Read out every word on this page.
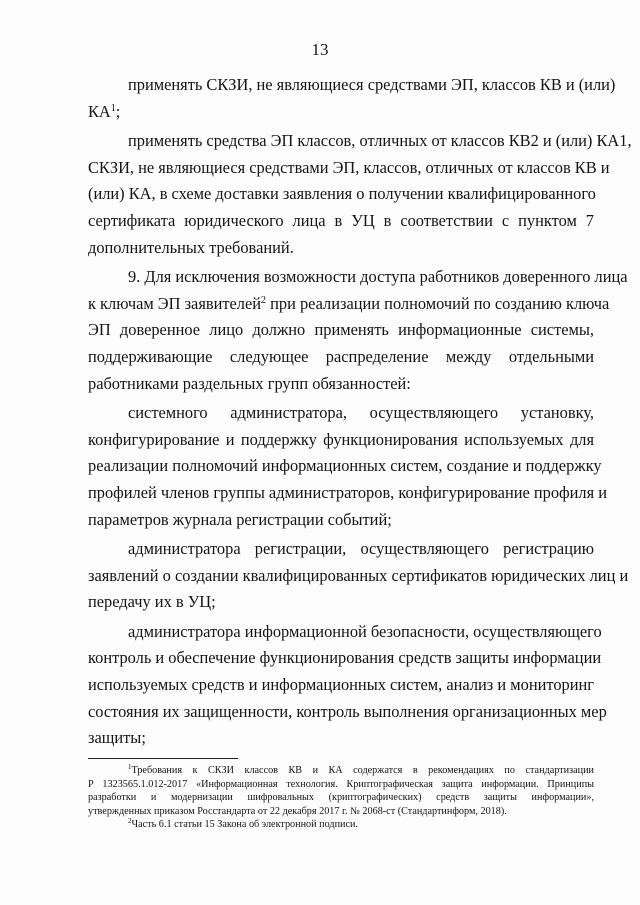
13
применять СКЗИ, не являющиеся средствами ЭП, классов КВ и (или)
$КА^1$;
применять средства ЭП классов, отличных от классов КВ2 и (или) КА1,
СКЗИ, не являющиеся средствами ЭП, классов, отличных от классов КВ и
(или) КА, в схеме доставки заявления о получении квалифицированного
сертификата юридического лица в УЦ в соответствии с пунктом 7
дополнительных требований.
9. Для исключения возможности доступа работников доверенного лица
к ключам ЭП заявителей$^2$ при реализации полномочий по созданию ключа
ЭП доверенное лицо должно применять информационные системы,
поддерживающие следующее распределение между отдельными
работниками раздельных групп обязанностей:
системного администратора, осуществляющего установку,
конфигурирование и поддержку функционирования используемых для
реализации полномочий информационных систем, создание и поддержку
профилей членов группы администраторов, конфигурирование профиля и
параметров журнала регистрации событий;
администратора регистрации, осуществляющего регистрацию
заявлений о создании квалифицированных сертификатов юридических лиц и
передачу их в УЦ;
администратора информационной безопасности, осуществляющего
контроль и обеспечение функционирования средств защиты информации
используемых средств и информационных систем, анализ и мониторинг
состояния их защищенности, контроль выполнения организационных мер
защиты;
$^1$Требования к СКЗИ классов КВ и КА содержатся в рекомендациях по стандартизации
Р 1323565.1.012-2017 «Информационная технология. Криптографическая защита информации. Принципы
разработки и модернизации шифровальных (криптографических) средств защиты информации»,
утвержденных приказом Росстандарта от 22 декабря 2017 г. № 2068-ст (Стандартинформ, 2018).
$^2$Часть 6.1 статьи 15 Закона об электронной подписи.
